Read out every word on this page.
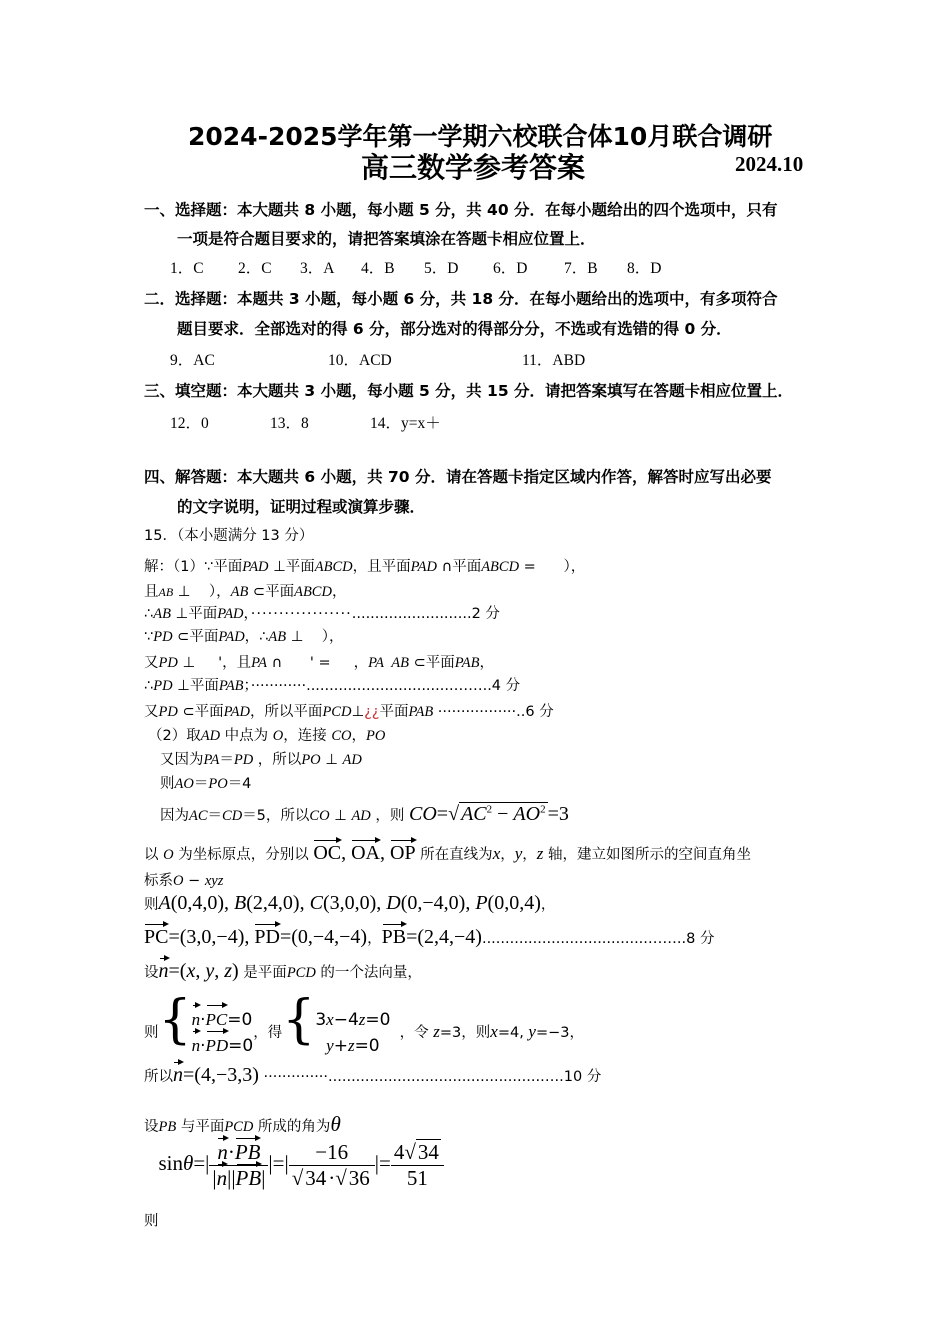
2024-2025学年第一学期六校联合体10月联合调研
高三数学参考答案	2024.10
一、选择题：本大题共 8 小题，每小题 5 分，共 40 分．在每小题给出的四个选项中，只有
一项是符合题目要求的，请把答案填涂在答题卡相应位置上．
1．C 2．C 3．A 4．B 5．D 6．D 7．B 8．D
二．选择题：本题共 3 小题，每小题 6 分，共 18 分．在每小题给出的选项中，有多项符合
题目要求．全部选对的得 6 分，部分选对的得部分分，不选或有选错的得 0 分．
9．AC	10．ACD	11．ABD
三、填空题：本大题共 3 小题，每小题 5 分，共 15 分．请把答案填写在答题卡相应位置上．
12．0	13．8	14．y=x＋
四、解答题：本大题共 6 小题，共 70 分．请在答题卡指定区域内作答，解答时应写出必要
的文字说明，证明过程或演算步骤．
15．（本小题满分 13 分）
解：（1）∵平面PAD ⊥平面ABCD，且平面PAD ∩平面ABCD =      ），
且AB ⊥    ），AB ⊂平面ABCD，
∴AB ⊥平面PAD，··················..........................2 分
∵PD ⊂平面PAD，∴AB ⊥    ），
又PD ⊥     '，且PA ∩      ' =     ，PA  AB ⊂平面PAB，
∴PD ⊥平面PAB；············................................……..4 分
又PD ⊂平面PAD，所以平面PCD⊥¿¿平面PAB ·················..6 分
（2）取AD 中点为 O，连接 CO，PO
又因为PA＝PD ，所以PO ⊥ AD
则AO＝PO＝4
因为AC＝CD＝5，所以CO ⊥ AD ，则 CO=√ $AC^2 - AO^2 =3$
以 O 为坐标原点，分别以 OC, OA, OP 所在直线为x，y，z 轴，建立如图所示的空间直角坐
标系O − xyz
则A(0,4,0), B(2,4,0), C(3,0,0), D(0,−4,0), P(0,0,4)，
PC=(3,0,−4), PD=(0,−4,−4)，PB=(2,4,−4)....................................……..8 分
设n=(x, y, z) 是平面PCD 的一个法向量，
则{n·PC=0
n·PD=0，得{3x−4z=0
y+z=0  ，令 z=3，则x=4, y=−3，
所以n=(4,−3,3) ··············..............................................…..10 分
设PB 与平面PCD 所成的角为θ
则$\sin\theta=| \frac{n\cdot PB}{|n||PB|}$ |=| $\frac{-16}{√34\cdot√36}$ |= $\frac{4√34}{51}$
